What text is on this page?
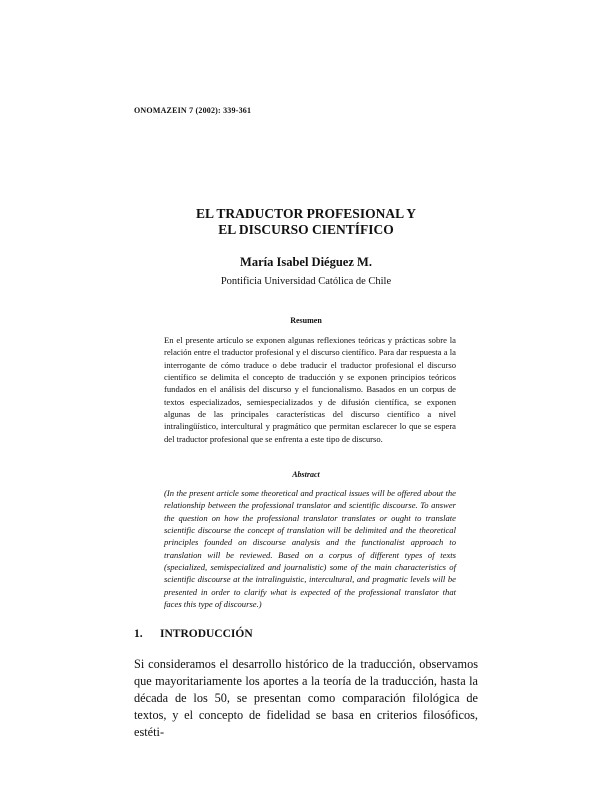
ONOMAZEIN 7 (2002): 339-361
EL TRADUCTOR PROFESIONAL Y
EL DISCURSO CIENTÍFICO
María Isabel Diéguez M.
Pontificia Universidad Católica de Chile
Resumen

En el presente artículo se exponen algunas reflexiones teóricas y prácticas sobre la relación entre el traductor profesional y el discurso científico. Para dar respuesta a la interrogante de cómo traduce o debe traducir el traductor profesional el discurso científico se delimita el concepto de traducción y se exponen principios teóricos fundados en el análisis del discurso y el funcionalismo. Basados en un corpus de textos especializados, semiespecializados y de difusión científica, se exponen algunas de las principales características del discurso científico a nivel intralingüístico, intercultural y pragmático que permitan esclarecer lo que se espera del traductor profesional que se enfrenta a este tipo de discurso.

Abstract

(In the present article some theoretical and practical issues will be offered about the relationship between the professional translator and scientific discourse. To answer the question on how the professional translator translates or ought to translate scientific discourse the concept of translation will be delimited and the theoretical principles founded on discourse analysis and the functionalist approach to translation will be reviewed. Based on a corpus of different types of texts (specialized, semispecialized and journalistic) some of the main characteristics of scientific discourse at the intralinguistic, intercultural, and pragmatic levels will be presented in order to clarify what is expected of the professional translator that faces this type of discourse.)

1. INTRODUCCIÓN

Si consideramos el desarrollo histórico de la traducción, observamos que mayoritariamente los aportes a la teoría de la traducción, hasta la década de los 50, se presentan como comparación filológica de textos, y el concepto de fidelidad se basa en criterios filosóficos, estéti-
